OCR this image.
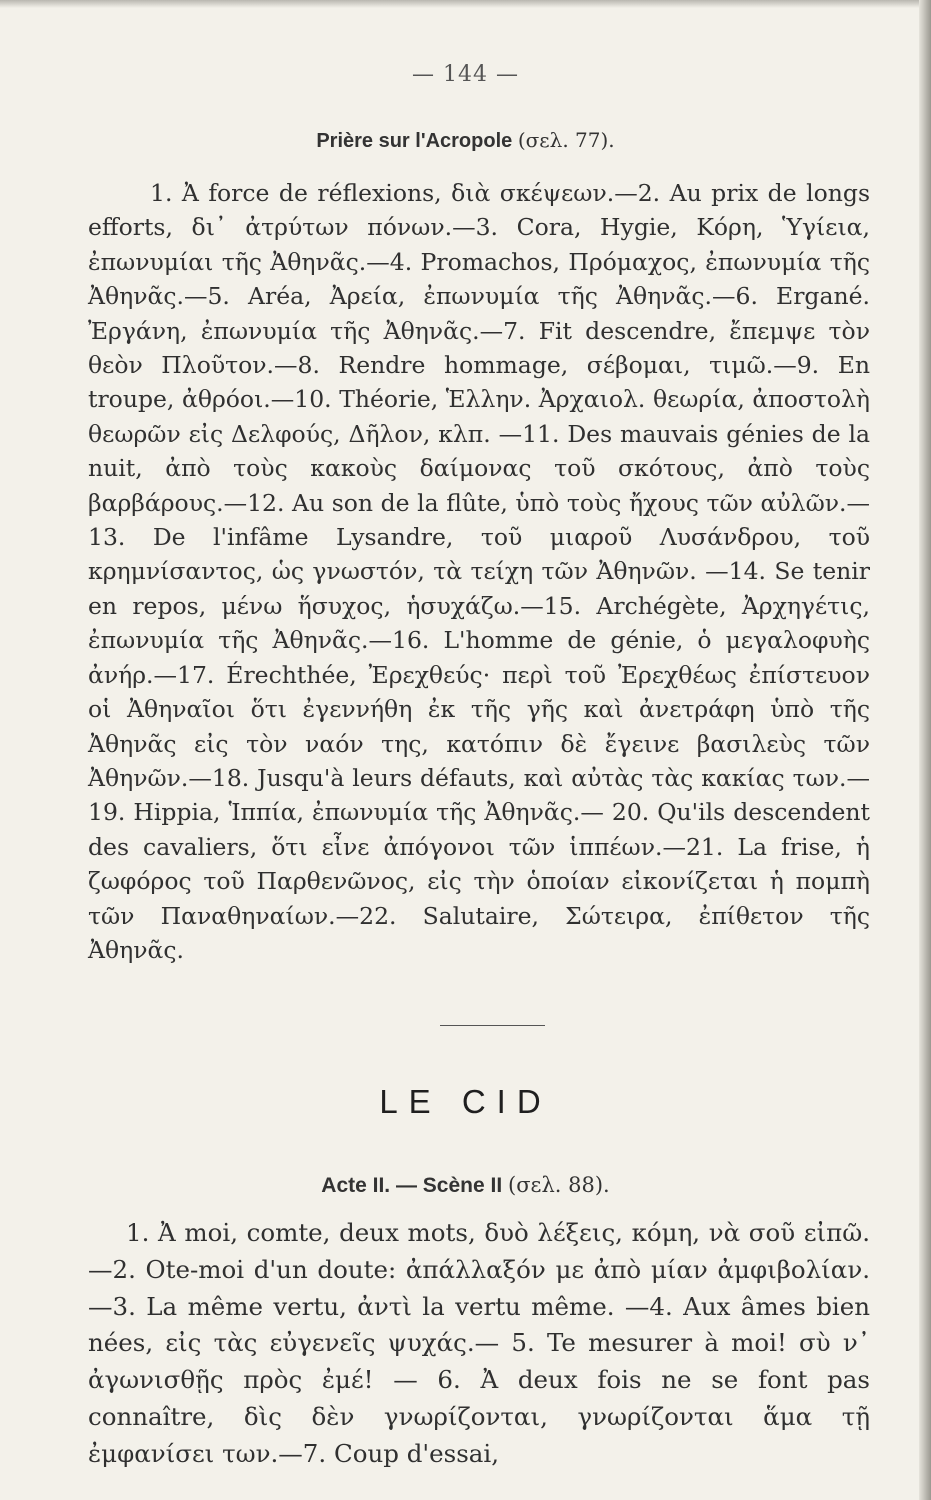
— 144 —
Prière sur l'Acropole (σελ. 77).

1. Ἀ force de réflexions, διὰ σκέψεων.—2. Au prix de longs efforts, δι᾽ ἀτρύτων πόνων.—3. Cora, Hygie, Κόρη, Ὑγίεια, ἐπωνυμίαι τῆς Ἀθηνᾶς.—4. Promachos, Πρόμαχος, ἐπωνυμία τῆς Ἀθηνᾶς.—5. Aréa, Ἀρεία, ἐπωνυμία τῆς Ἀθηνᾶς.—6. Ergané. Ἐργάνη, ἐπωνυμία τῆς Ἀθηνᾶς.—7. Fit descendre, ἔπεμψε τὸν θεὸν Πλοῦτον.—8. Rendre hommage, σέβομαι, τιμῶ.—9. En troupe, ἀθρόοι.—10. Théorie, Ἑλλην. Ἀρχαιολ. θεωρία, ἀποστολὴ θεωρῶν εἰς Δελφούς, Δῆλον, κλπ. —11. Des mauvais génies de la nuit, ἀπὸ τοὺς κακοὺς δαίμονας τοῦ σκότους, ἀπὸ τοὺς βαρβάρους.—12. Au son de la flûte, ὑπὸ τοὺς ἤχους τῶν αὐλῶν.—13. De l'infâme Lysandre, τοῦ μιαροῦ Λυσάνδρου, τοῦ κρημνίσαντος, ὡς γνωστόν, τὰ τείχη τῶν Ἀθηνῶν. —14. Se tenir en repos, μένω ἥσυχος, ἡσυχάζω.—15. Archégète, Ἀρχηγέτις, ἐπωνυμία τῆς Ἀθηνᾶς.—16. L'homme de génie, ὁ μεγαλοφυὴς ἀνήρ.—17. Érechthée, Ἐρεχθεύς· περὶ τοῦ Ἐρεχθέως ἐπίστευον οἱ Ἀθηναῖοι ὅτι ἐγεννήθη ἐκ τῆς γῆς καὶ ἀνετράφη ὑπὸ τῆς Ἀθηνᾶς εἰς τὸν ναόν της, κατόπιν δὲ ἔγεινε βασιλεὺς τῶν Ἀθηνῶν.—18. Jusqu'à leurs défauts, καὶ αὐτὰς τὰς κακίας των.—19. Hippia, Ἱππία, ἐπωνυμία τῆς Ἀθηνᾶς.— 20. Qu'ils descendent des cavaliers, ὅτι εἶνε ἀπόγονοι τῶν ἱππέων.—21. La frise, ἡ ζωφόρος τοῦ Παρθενῶνος, εἰς τὴν ὁποίαν εἰκονίζεται ἡ πομπὴ τῶν Παναθηναίων.—22. Salutaire, Σώτειρα, ἐπίθετον τῆς Ἀθηνᾶς.

LE CID
Acte II. — Scène II (σελ. 88).

1. Ἀ moi, comte, deux mots, δυὸ λέξεις, κόμη, νὰ σοῦ εἰπῶ.—2. Ote-moi d'un doute: ἀπάλλαξόν με ἀπὸ μίαν ἀμφιβολίαν.—3. La même vertu, ἀντὶ la vertu même. —4. Aux âmes bien nées, εἰς τὰς εὐγενεῖς ψυχάς.— 5. Te mesurer à moi! σὺ ν᾽ ἀγωνισθῇς πρὸς ἐμέ! — 6. Ἀ deux fois ne se font pas connaître, δὶς δὲν γνωρίζονται, γνωρίζονται ἅμα τῇ ἐμφανίσει των.—7. Coup d'essai,
